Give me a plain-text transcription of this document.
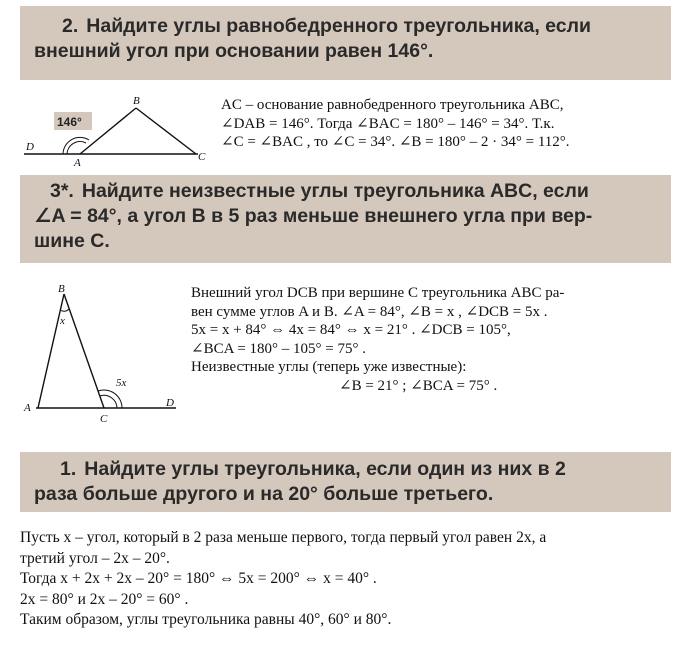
2. Найдите углы равнобедренного треугольника, если
внешний угол при основании равен 146°.
146°
B
D
A	C
AC – основание равнобедренного треугольника ABC,
∠DAB = 146°. Тогда ∠BAC = 180° – 146° = 34°. Т.к.
∠C = ∠BAC , то ∠C = 34°. ∠B = 180° – 2 · 34° = 112°.
3*. Найдите неизвестные углы треугольника ABC, если
∠A = 84°, а угол B в 5 раз меньше внешнего угла при вер-
шине C.
B
x
5x
A
C
D
Внешний угол DCB при вершине C треугольника ABC ра-
вен сумме углов A и B. ∠A = 84°, ∠B = x , ∠DCB = 5x .
5x = x + 84° ⇔ 4x = 84° ⇔ x = 21° . ∠DCB = 105°,
∠BCA = 180° – 105° = 75° .
Неизвестные углы (теперь уже известные):
∠B = 21° ; ∠BCA = 75° .
1. Найдите углы треугольника, если один из них в 2
раза больше другого и на 20° больше третьего.
Пусть x – угол, который в 2 раза меньше первого, тогда первый угол равен 2x, а
третий угол – 2x – 20°.
Тогда x + 2x + 2x – 20° = 180° ⇔ 5x = 200° ⇔ x = 40° .
2x = 80° и 2x – 20° = 60° .
Таким образом, углы треугольника равны 40°, 60° и 80°.
